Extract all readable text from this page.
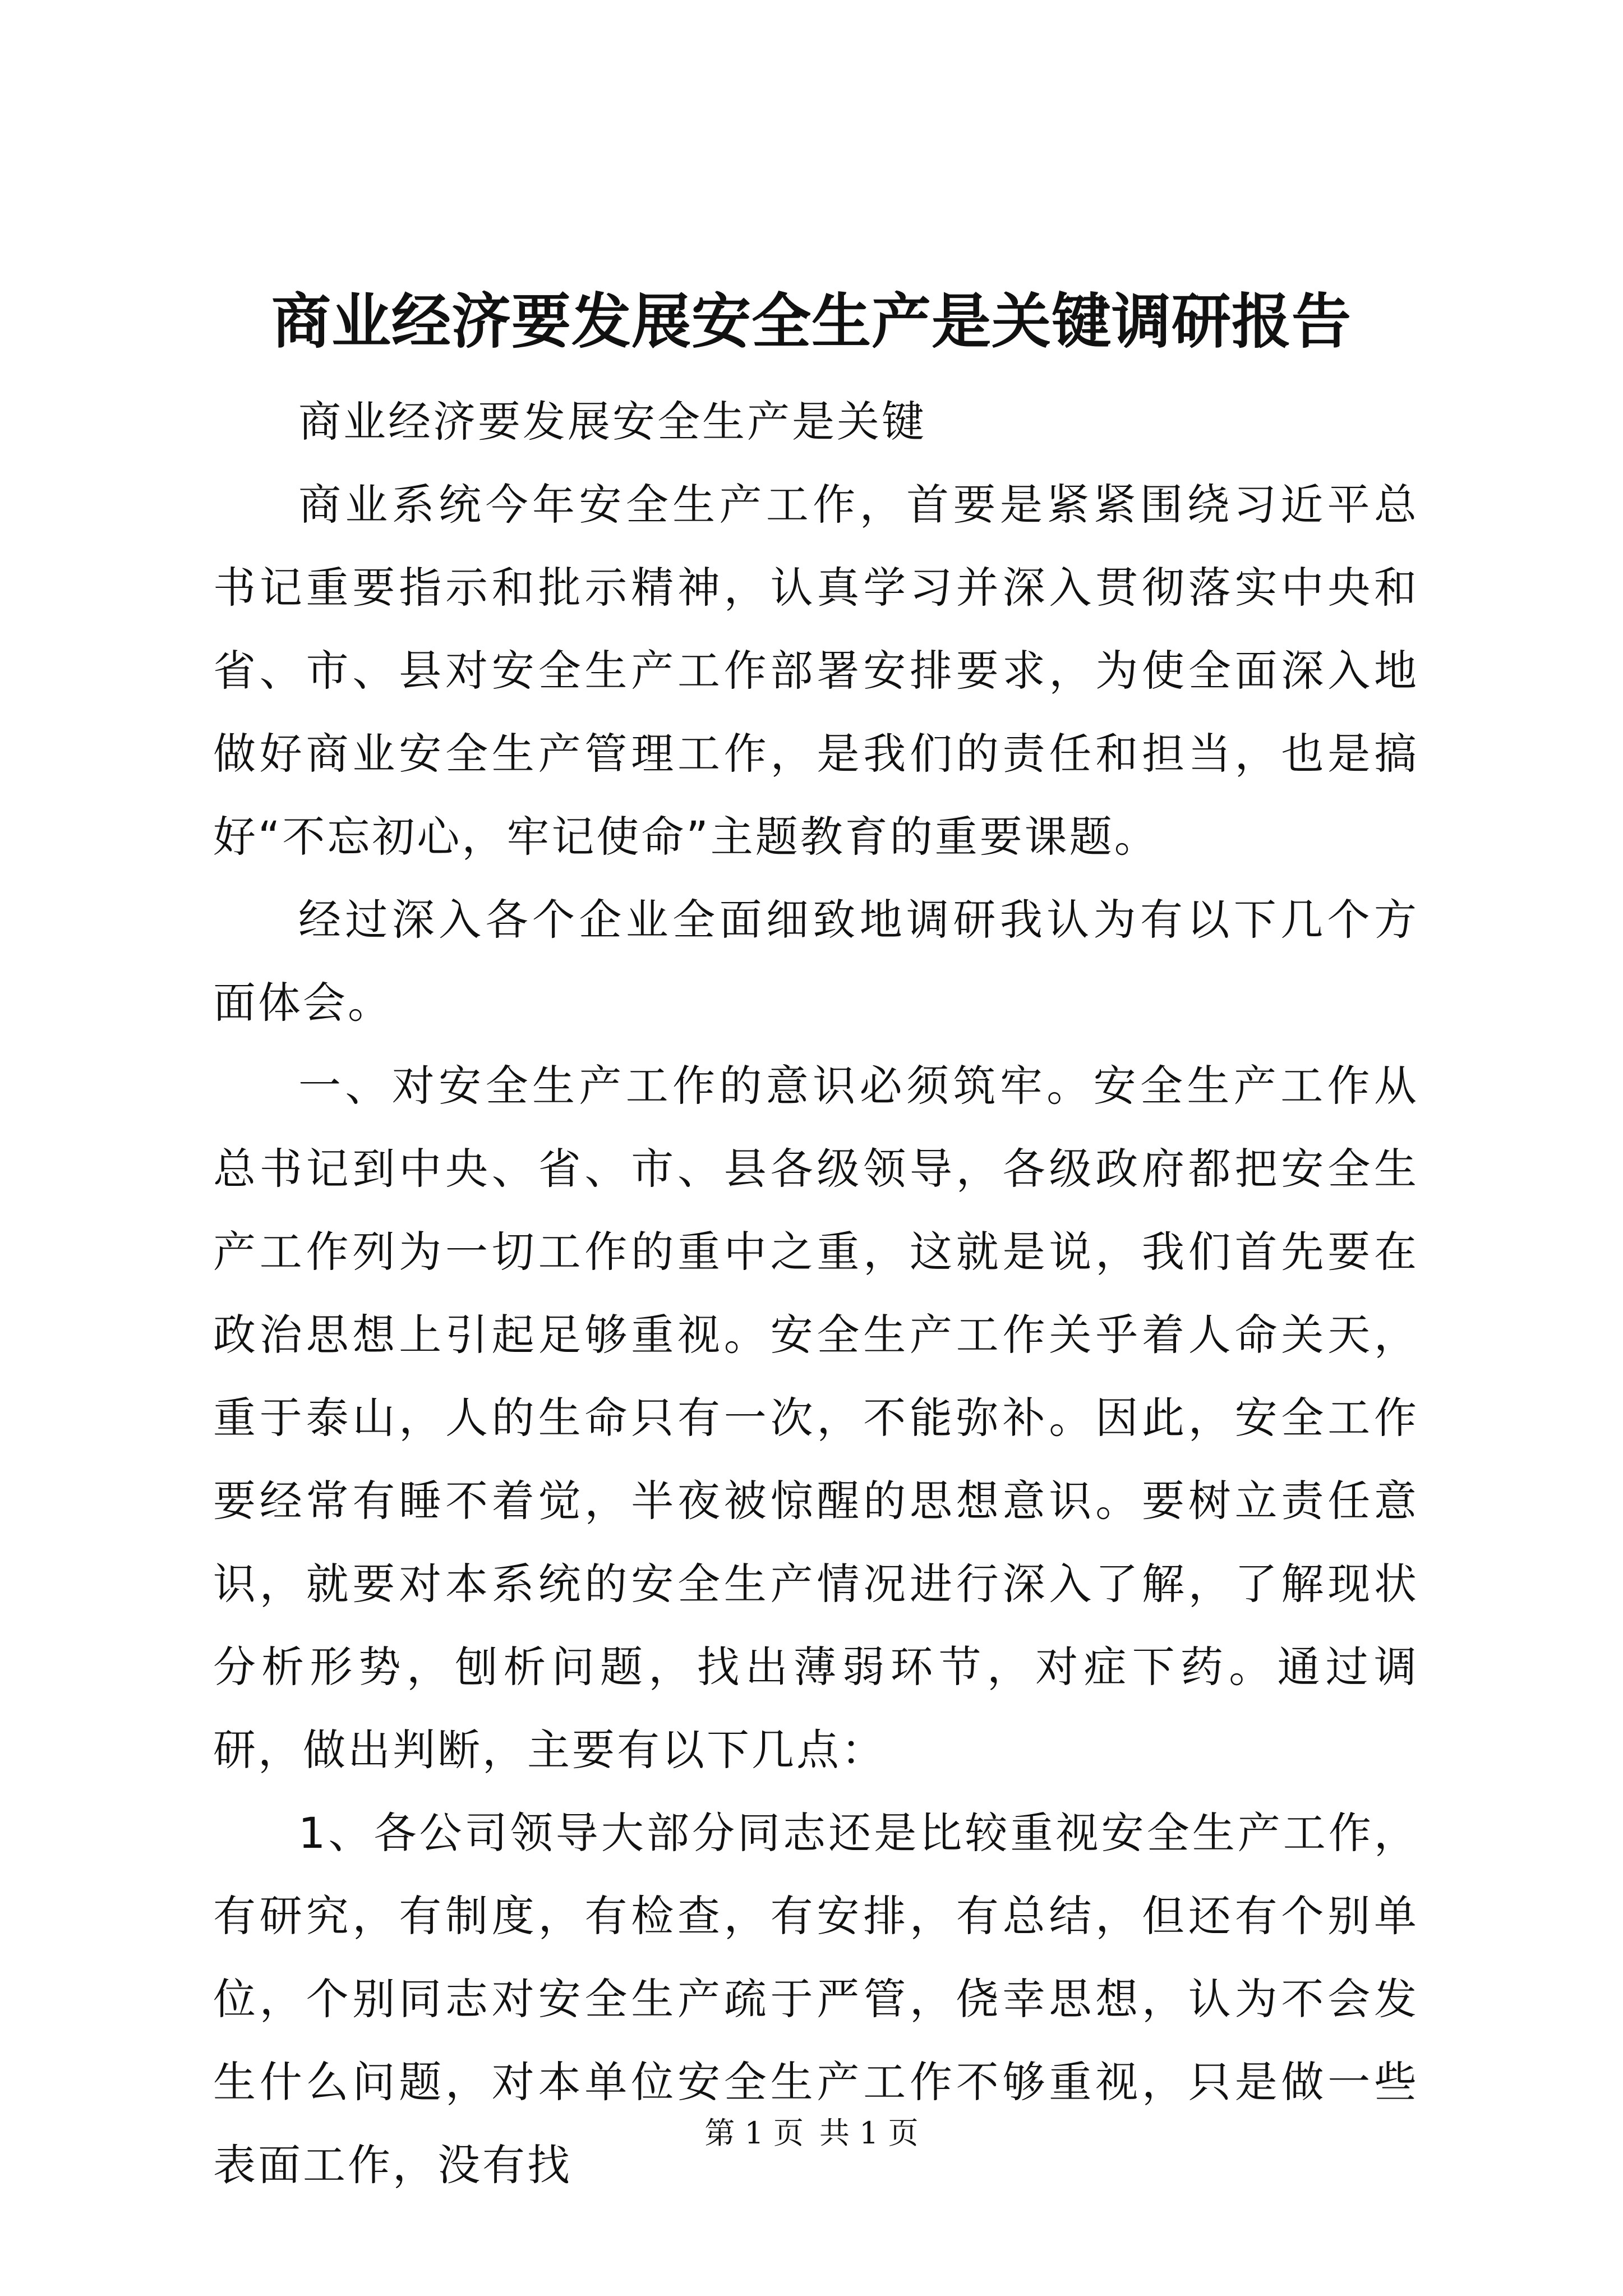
商业经济要发展安全生产是关键调研报告

商业经济要发展安全生产是关键

商业系统今年安全生产工作，首要是紧紧围绕习近平总书记重要指示和批示精神，认真学习并深入贯彻落实中央和省、市、县对安全生产工作部署安排要求，为使全面深入地做好商业安全生产管理工作，是我们的责任和担当，也是搞好“不忘初心，牢记使命”主题教育的重要课题。

经过深入各个企业全面细致地调研我认为有以下几个方面体会。

一、对安全生产工作的意识必须筑牢。安全生产工作从总书记到中央、省、市、县各级领导，各级政府都把安全生产工作列为一切工作的重中之重，这就是说，我们首先要在政治思想上引起足够重视。安全生产工作关乎着人命关天，重于泰山，人的生命只有一次，不能弥补。因此，安全工作要经常有睡不着觉，半夜被惊醒的思想意识。要树立责任意识，就要对本系统的安全生产情况进行深入了解，了解现状分析形势，刨析问题，找出薄弱环节，对症下药。通过调研，做出判断，主要有以下几点：

1、各公司领导大部分同志还是比较重视安全生产工作，有研究，有制度，有检查，有安排，有总结，但还有个别单位，个别同志对安全生产疏于严管，侥幸思想，认为不会发生什么问题，对本单位安全生产工作不够重视，只是做一些表面工作，没有找

第 1 页 共 1 页
